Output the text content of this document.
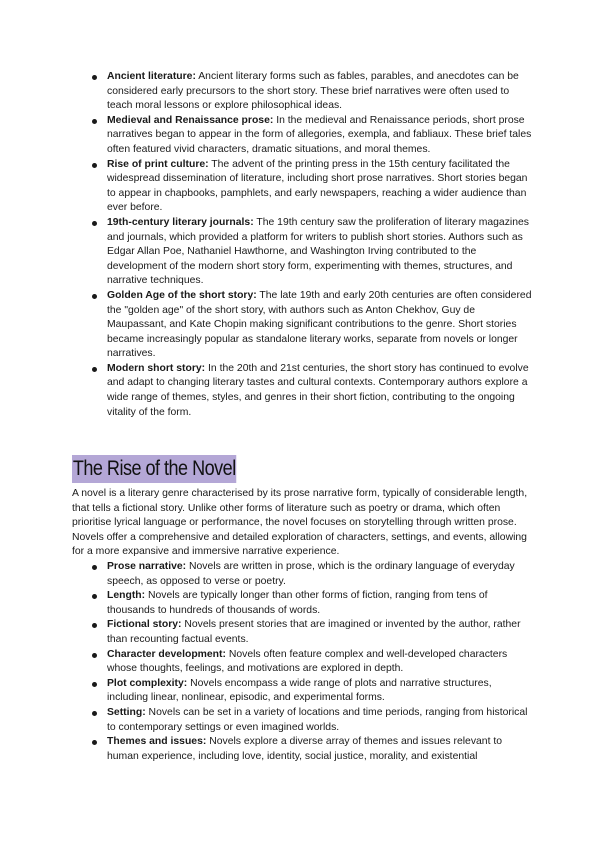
Ancient literature: Ancient literary forms such as fables, parables, and anecdotes can be considered early precursors to the short story. These brief narratives were often used to teach moral lessons or explore philosophical ideas.
Medieval and Renaissance prose: In the medieval and Renaissance periods, short prose narratives began to appear in the form of allegories, exempla, and fabliaux. These brief tales often featured vivid characters, dramatic situations, and moral themes.
Rise of print culture: The advent of the printing press in the 15th century facilitated the widespread dissemination of literature, including short prose narratives. Short stories began to appear in chapbooks, pamphlets, and early newspapers, reaching a wider audience than ever before.
19th-century literary journals: The 19th century saw the proliferation of literary magazines and journals, which provided a platform for writers to publish short stories. Authors such as Edgar Allan Poe, Nathaniel Hawthorne, and Washington Irving contributed to the development of the modern short story form, experimenting with themes, structures, and narrative techniques.
Golden Age of the short story: The late 19th and early 20th centuries are often considered the "golden age" of the short story, with authors such as Anton Chekhov, Guy de Maupassant, and Kate Chopin making significant contributions to the genre. Short stories became increasingly popular as standalone literary works, separate from novels or longer narratives.
Modern short story: In the 20th and 21st centuries, the short story has continued to evolve and adapt to changing literary tastes and cultural contexts. Contemporary authors explore a wide range of themes, styles, and genres in their short fiction, contributing to the ongoing vitality of the form.
The Rise of the Novel

A novel is a literary genre characterised by its prose narrative form, typically of considerable length, that tells a fictional story. Unlike other forms of literature such as poetry or drama, which often prioritise lyrical language or performance, the novel focuses on storytelling through written prose. Novels offer a comprehensive and detailed exploration of characters, settings, and events, allowing for a more expansive and immersive narrative experience.

Prose narrative: Novels are written in prose, which is the ordinary language of everyday speech, as opposed to verse or poetry.
Length: Novels are typically longer than other forms of fiction, ranging from tens of thousands to hundreds of thousands of words.
Fictional story: Novels present stories that are imagined or invented by the author, rather than recounting factual events.
Character development: Novels often feature complex and well-developed characters whose thoughts, feelings, and motivations are explored in depth.
Plot complexity: Novels encompass a wide range of plots and narrative structures, including linear, nonlinear, episodic, and experimental forms.
Setting: Novels can be set in a variety of locations and time periods, ranging from historical to contemporary settings or even imagined worlds.
Themes and issues: Novels explore a diverse array of themes and issues relevant to human experience, including love, identity, social justice, morality, and existential
